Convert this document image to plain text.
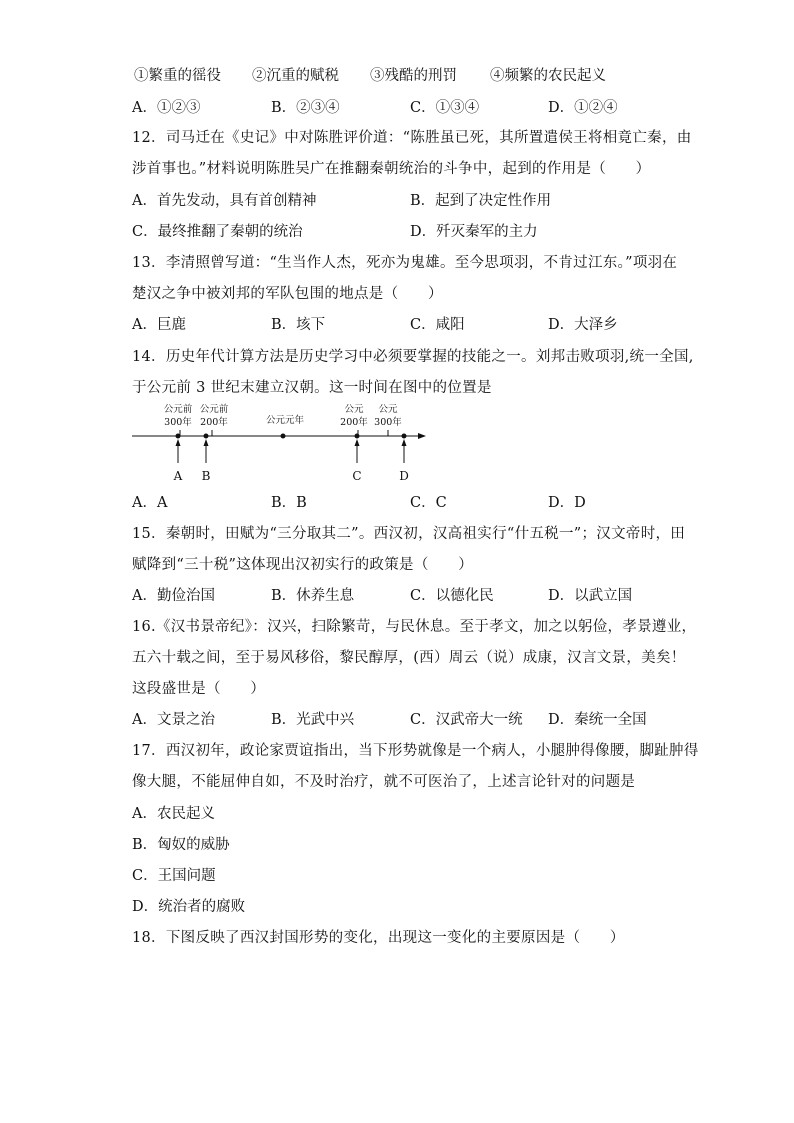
①繁重的徭役 ②沉重的赋税 ③残酷的刑罚 ④频繁的农民起义
A．①②③	B．②③④	C．①③④	D．①②④
12．司马迁在《史记》中对陈胜评价道：“陈胜虽已死，其所置遣侯王将相竟亡秦，由
涉首事也。”材料说明陈胜吴广在推翻秦朝统治的斗争中，起到的作用是（　　）
A．首先发动，具有首创精神	B．起到了决定性作用
C．最终推翻了秦朝的统治	D．歼灭秦军的主力
13．李清照曾写道：“生当作人杰，死亦为鬼雄。至今思项羽，不肯过江东。”项羽在
楚汉之争中被刘邦的军队包围的地点是（　　）
A．巨鹿	B．垓下	C．咸阳	D．大泽乡
14．历史年代计算方法是历史学习中必须要掌握的技能之一。刘邦击败项羽,统一全国,
于公元前 3 世纪末建立汉朝。这一时间在图中的位置是
公元前
300年
公元前
200年	公元元年
公元
200年
公元
300年
A B	C	D
A．A	B．B	C．C	D．D
15．秦朝时，田赋为“三分取其二”。西汉初，汉高祖实行“什五税一”；汉文帝时，田
赋降到“三十税”这体现出汉初实行的政策是（　　）
A．勤俭治国	B．休养生息	C．以德化民	D．以武立国
16.《汉书景帝纪》：汉兴，扫除繁苛，与民休息。至于孝文，加之以躬俭，孝景遵业，
五六十载之间，至于易风移俗，黎民醇厚，(西）周云（说）成康，汉言文景，美矣！
这段盛世是（　　）
A．文景之治	B．光武中兴	C．汉武帝大一统 D．秦统一全国
17．西汉初年，政论家贾谊指出，当下形势就像是一个病人，小腿肿得像腰，脚趾肿得
像大腿，不能屈伸自如，不及时治疗，就不可医治了，上述言论针对的问题是
A．农民起义
B．匈奴的威胁
C．王国问题
D．统治者的腐败
18．下图反映了西汉封国形势的变化，出现这一变化的主要原因是（　　）
